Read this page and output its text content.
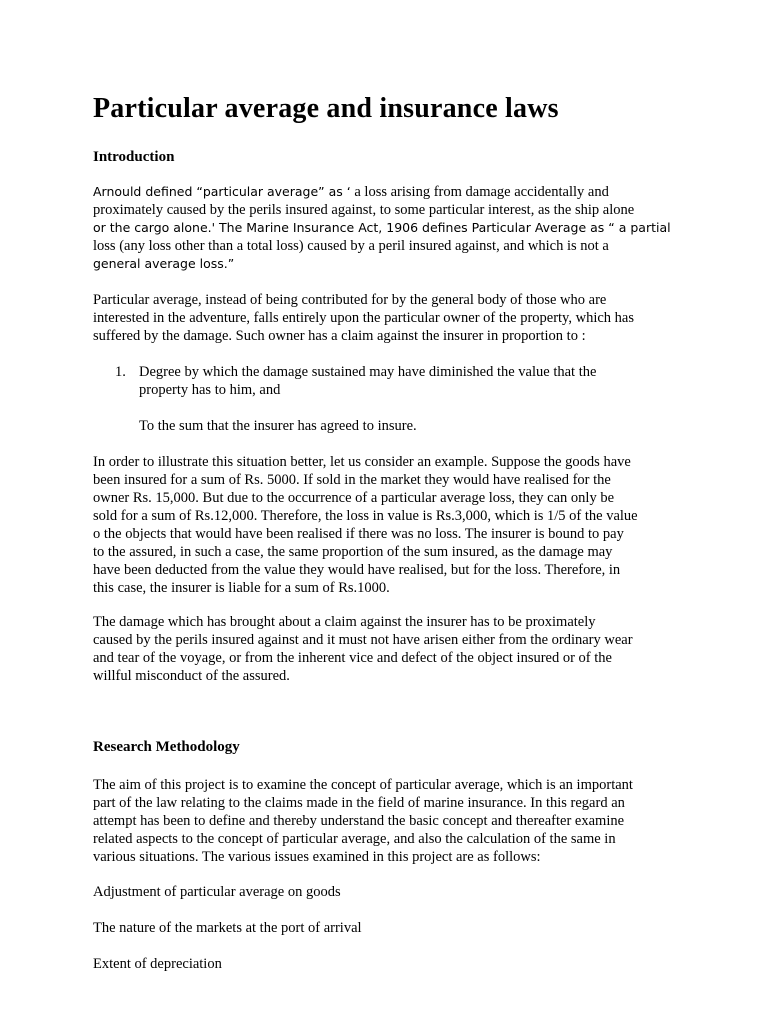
Particular average and insurance laws
Introduction

Arnould defined “particular average” as ‘ a loss arising from damage accidentally and
proximately caused by the perils insured against, to some particular interest, as the ship alone
or the cargo alone.' The Marine Insurance Act, 1906 defines Particular Average as “ a partial
loss (any loss other than a total loss) caused by a peril insured against, and which is not a
general average loss.”

Particular average, instead of being contributed for by the general body of those who are
interested in the adventure, falls entirely upon the particular owner of the property, which has
suffered by the damage. Such owner has a claim against the insurer in proportion to :

1. Degree by which the damage sustained may have diminished the value that the
property has to him, and
To the sum that the insurer has agreed to insure.

In order to illustrate this situation better, let us consider an example. Suppose the goods have
been insured for a sum of Rs. 5000. If sold in the market they would have realised for the
owner Rs. 15,000. But due to the occurrence of a particular average loss, they can only be
sold for a sum of Rs.12,000. Therefore, the loss in value is Rs.3,000, which is 1/5 of the value
o the objects that would have been realised if there was no loss. The insurer is bound to pay
to the assured, in such a case, the same proportion of the sum insured, as the damage may
have been deducted from the value they would have realised, but for the loss. Therefore, in
this case, the insurer is liable for a sum of Rs.1000.

The damage which has brought about a claim against the insurer has to be proximately
caused by the perils insured against and it must not have arisen either from the ordinary wear
and tear of the voyage, or from the inherent vice and defect of the object insured or of the
willful misconduct of the assured.

Research Methodology

The aim of this project is to examine the concept of particular average, which is an important
part of the law relating to the claims made in the field of marine insurance. In this regard an
attempt has been to define and thereby understand the basic concept and thereafter examine
related aspects to the concept of particular average, and also the calculation of the same in
various situations. The various issues examined in this project are as follows:

Adjustment of particular average on goods

The nature of the markets at the port of arrival

Extent of depreciation
